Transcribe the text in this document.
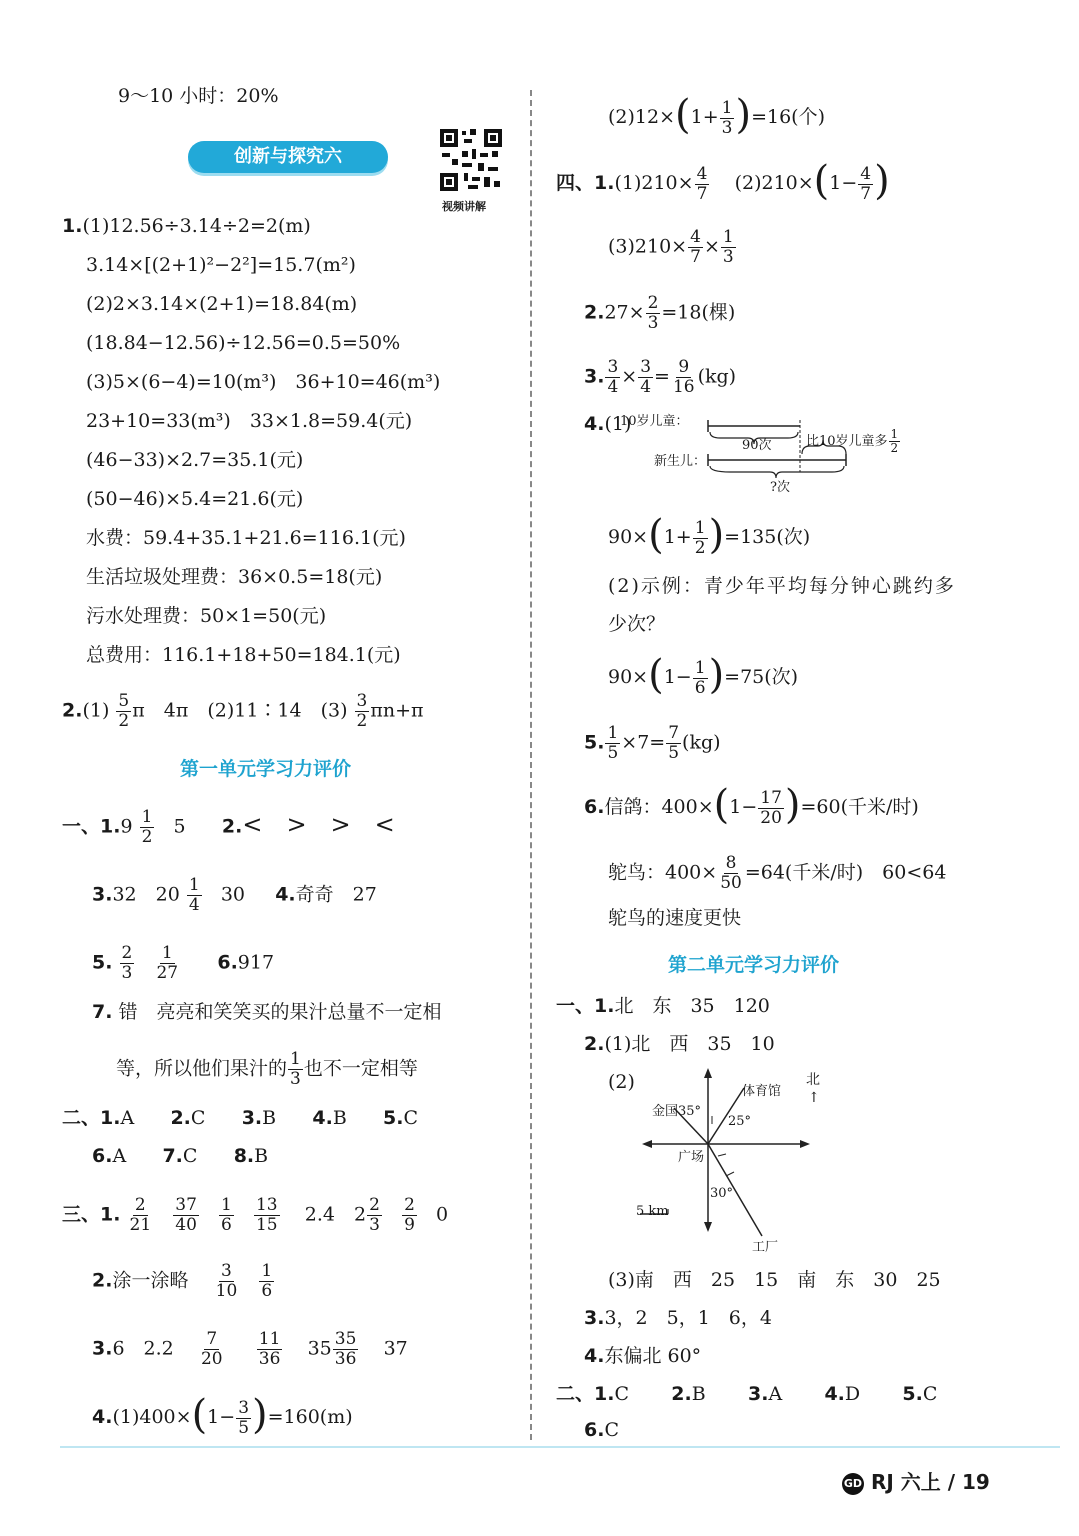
9～10 小时：20%
创新与探究六
视频讲解
1.(1)12.56÷3.14÷2=2(m)
3.14×[(2+1)²−2²]=15.7(m²)
(2)2×3.14×(2+1)=18.84(m)
(18.84−12.56)÷12.56=0.5=50%
(3)5×(6−4)=10(m³)　36+10=46(m³)
23+10=33(m³)　33×1.8=59.4(元)
(46−33)×2.7=35.1(元)
(50−46)×5.4=21.6(元)
水费：59.4+35.1+21.6=116.1(元)
生活垃圾处理费：36×0.5=18(元)
污水处理费：50×1=50(元)
总费用：116.1+18+50=184.1(元)
$2.(1) \frac{5}{2}$ π　4π　(2)11∶14　$(3) \frac{3}{2} \pi n+\pi$
第一单元学习力评价
一、$1.9 \frac{1}{2} 5$ 2.<　>　>　<
3.32　$20 \frac{1}{4} 30$ 4.奇奇　27
5. $\frac{2}{3}$
$\frac{1}{27} 6.917$
7. 错　亮亮和笑笑买的果汁总量不一定相
等，所以他们果汁的 $\frac{1}{3}$ 也不一定相等
二、1.A 2.C 3.B 4.B 5.C
6.A 7.C 8.B
三、1. $\frac{2}{21}$
$\frac{37}{40}$
$\frac{1}{6}$
$\frac{13}{15} 2.4$　$2 \frac{2}{3}$
$\frac{2}{9} 0$
2.涂一涂略 $\frac{3}{10}$
$\frac{1}{6}$
3.6　$2.2 \frac{7}{20}$
$\frac{11}{36} 35 \frac{35}{36} 37$
$4.(1)400\times(1- \frac{3}{5} )=160(m)$
$(2)12\times(1+ \frac{1}{3} )=16$(个)
四、$1.(1)210\times \frac{4}{7} (2)210\times(1- \frac{4}{7}$ )
$(3)210\times \frac{4}{7} \times \frac{1}{3}$
$2.27\times \frac{2}{3} =18$(棵)
3. $\frac{3}{4} \times \frac{3}{4} = \frac{9}{16} (kg)$
4.(1)
10岁儿童：
90次	比10岁儿童多 $\frac{1}{2}$
新生儿：
?次
$90\times(1+ \frac{1}{2} )=135$(次)
(2)示例：青少年平均每分钟心跳约多
少次？
$90\times(1- \frac{1}{6} )=75$(次)
5. $\frac{1}{5} \times 7= \frac{7}{5} (kg)$
6.信鸽：$400\times(1- \frac{17}{20} )=60$(千米/时)
鸵鸟：$400\times \frac{8}{50} =64$(千米/时)　60<64
鸵鸟的速度更快
第二单元学习力评价
一、1.北　东　35　120
2.(1)北　西　35　10
(2)	北
↑
体育馆
金国35°
25°
广场
30°
5 km
工厂
(3)南　西　25　15　南　东　30　25
3.3，2　5，1　6，4
4.东偏北 60°
二、1.C 2.B 3.A 4.D 5.C
6.C
GD RJ 六上 / 19
